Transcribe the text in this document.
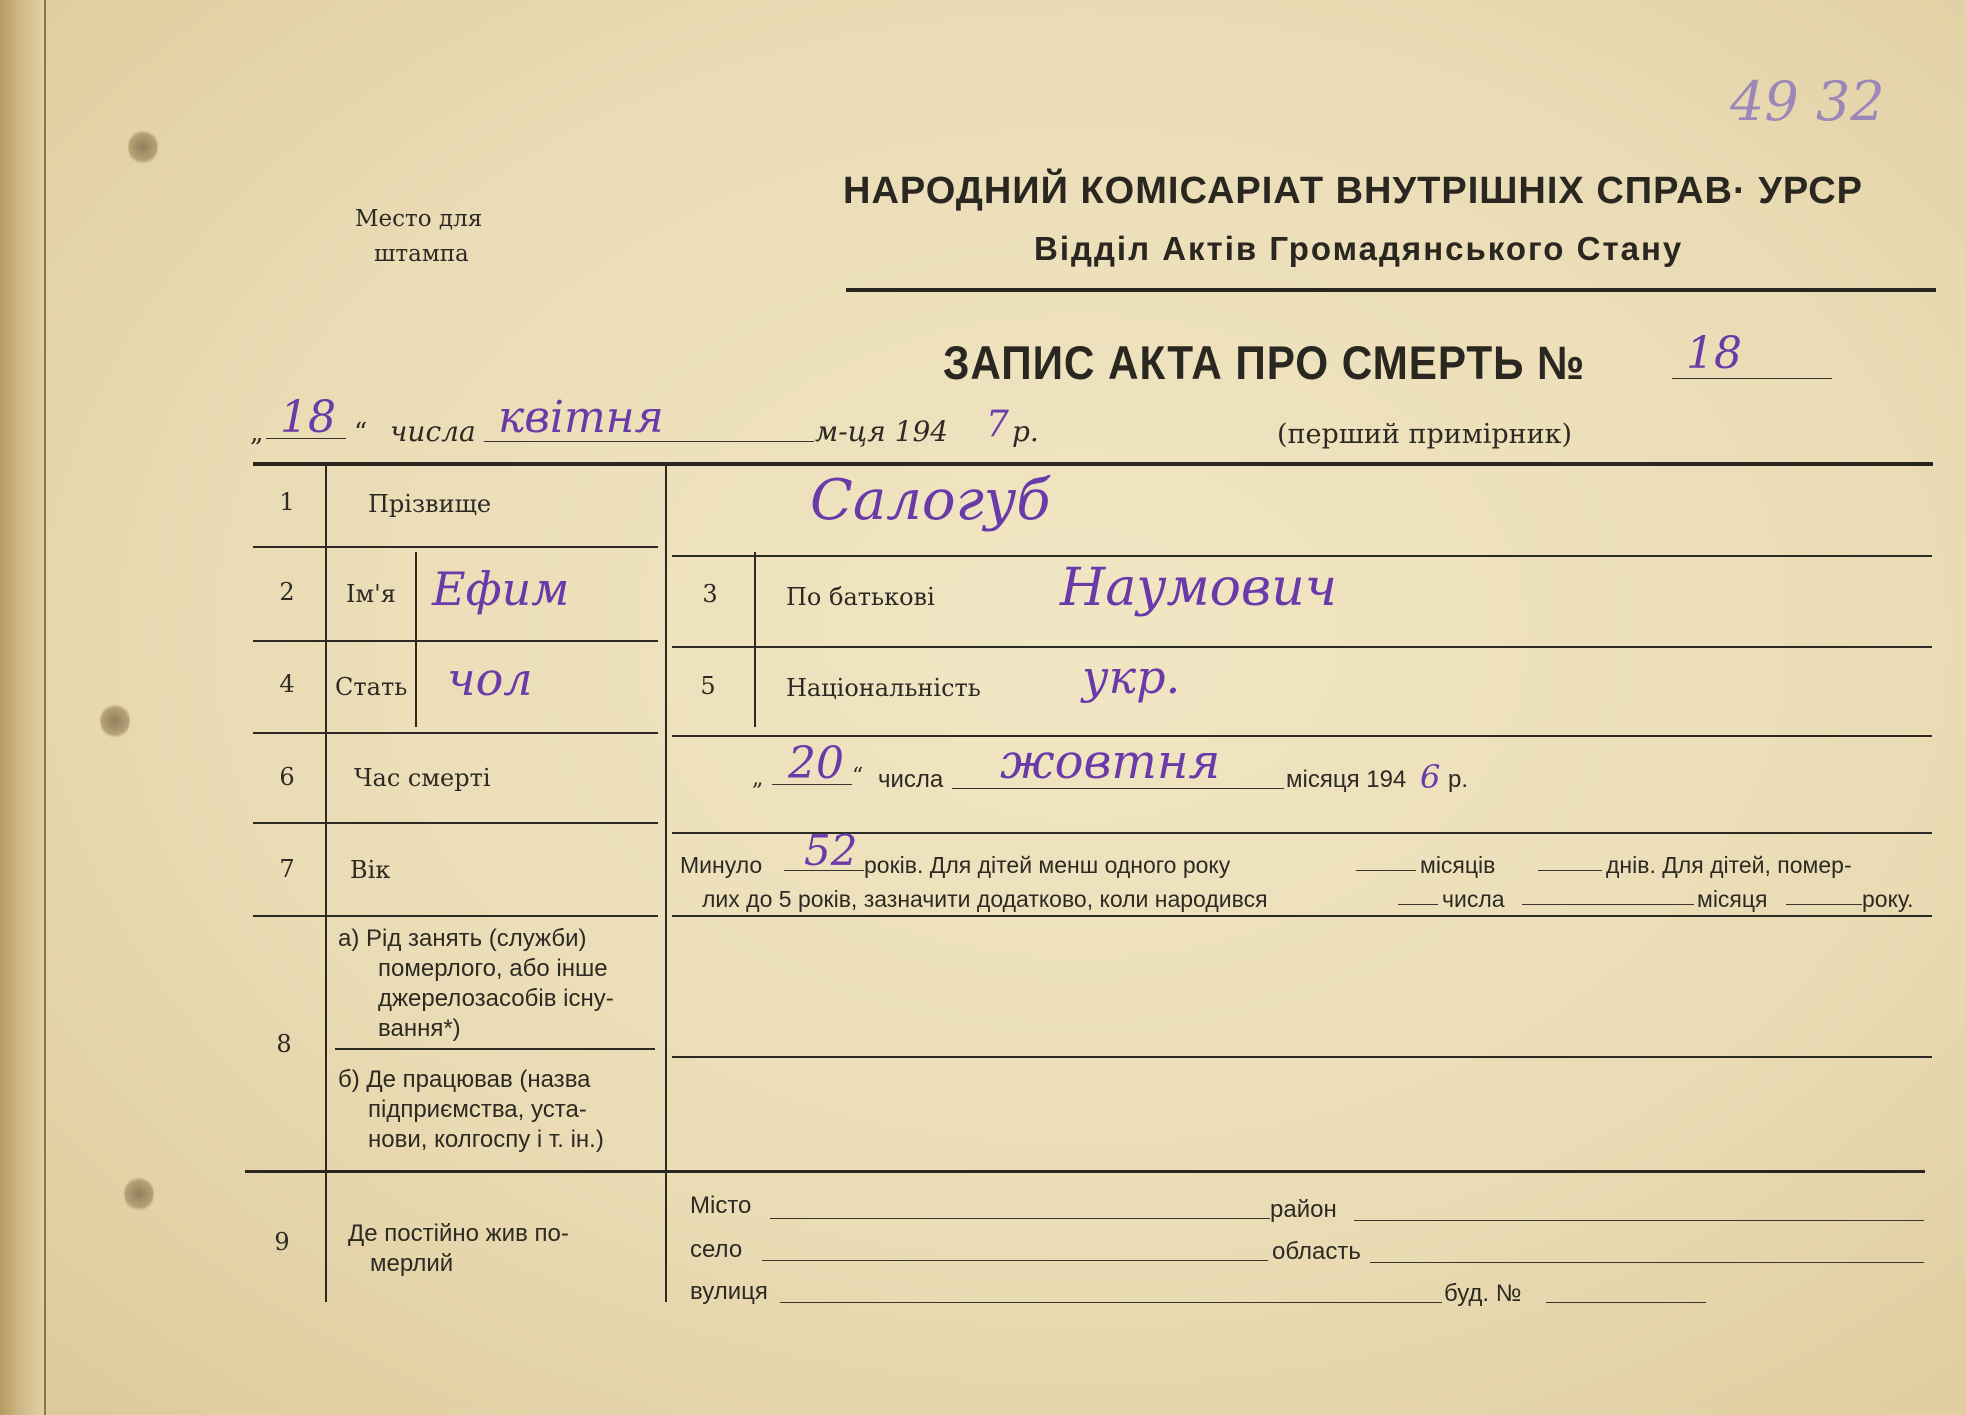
49 32
Место для
штампа
НАРОДНИЙ КОМІСАРІАТ ВНУТРІШНІХ СПРАВ· УРСР
Відділ Актів Громадянського Стану
ЗАПИС АКТА ПРО СМЕРТЬ № 18
„ 18 “ числа квітня	м-ця 194 7 р.	(перший примірник)
1	Прізвище	Салогуб
2	Ім'я Ефим	3	По батькові Наумович
4	Стать чол	5	Національність укр.
6	Час смерті	„ 20 “ числа жовтня	місяця 194 6 р.
7	Вік	Минуло 52 років. Для дітей менш одного року	місяців	днів. Для дітей, помер-
лих до 5 років, зазначити додатково, коли народився	числа	місяця	року.
8
а) Рід занять (служби)
померлого, або інше
джерелозасобів існу-
вання*)
б) Де працював (назва
підприємства, уста-
нови, колгоспу і т. ін.)
9	Де постійно жив по-
мерлий
Місто	район
село	область
вулиця	буд. №
